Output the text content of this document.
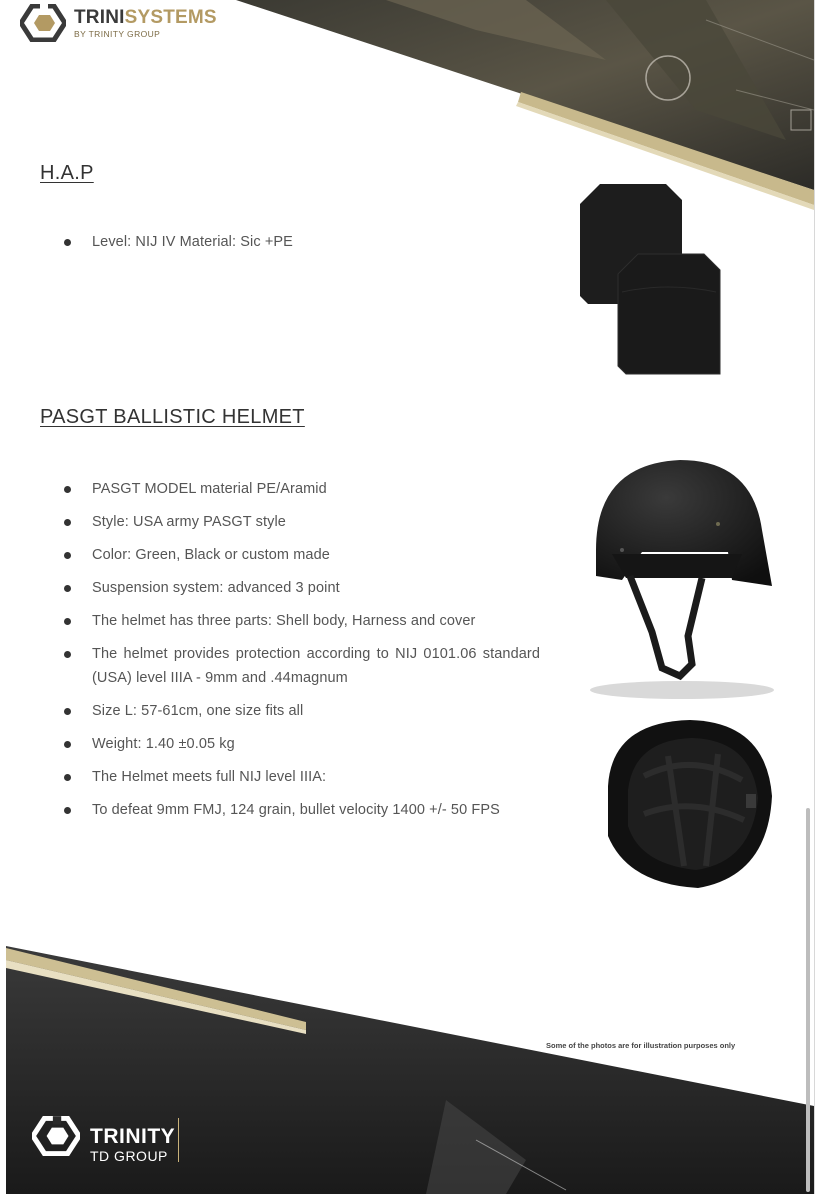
TRINISYSTEMS
BY TRINITY GROUP
H.A.P
Level: NIJ IV Material: Sic +PE
PASGT BALLISTIC HELMET
PASGT MODEL material PE/Aramid
Style: USA army PASGT style
Color: Green, Black or custom made
Suspension system: advanced 3 point
The helmet has three parts: Shell body, Harness and cover
The helmet provides protection according to NIJ 0101.06 standard (USA) level IIIA - 9mm and .44magnum
Size L: 57-61cm, one size fits all
Weight: 1.40 ±0.05 kg
The Helmet meets full NIJ level IIIA:
To defeat 9mm FMJ, 124 grain, bullet velocity 1400 +/- 50 FPS
Some of the photos are for illustration purposes only
TRINITY
TD GROUP
